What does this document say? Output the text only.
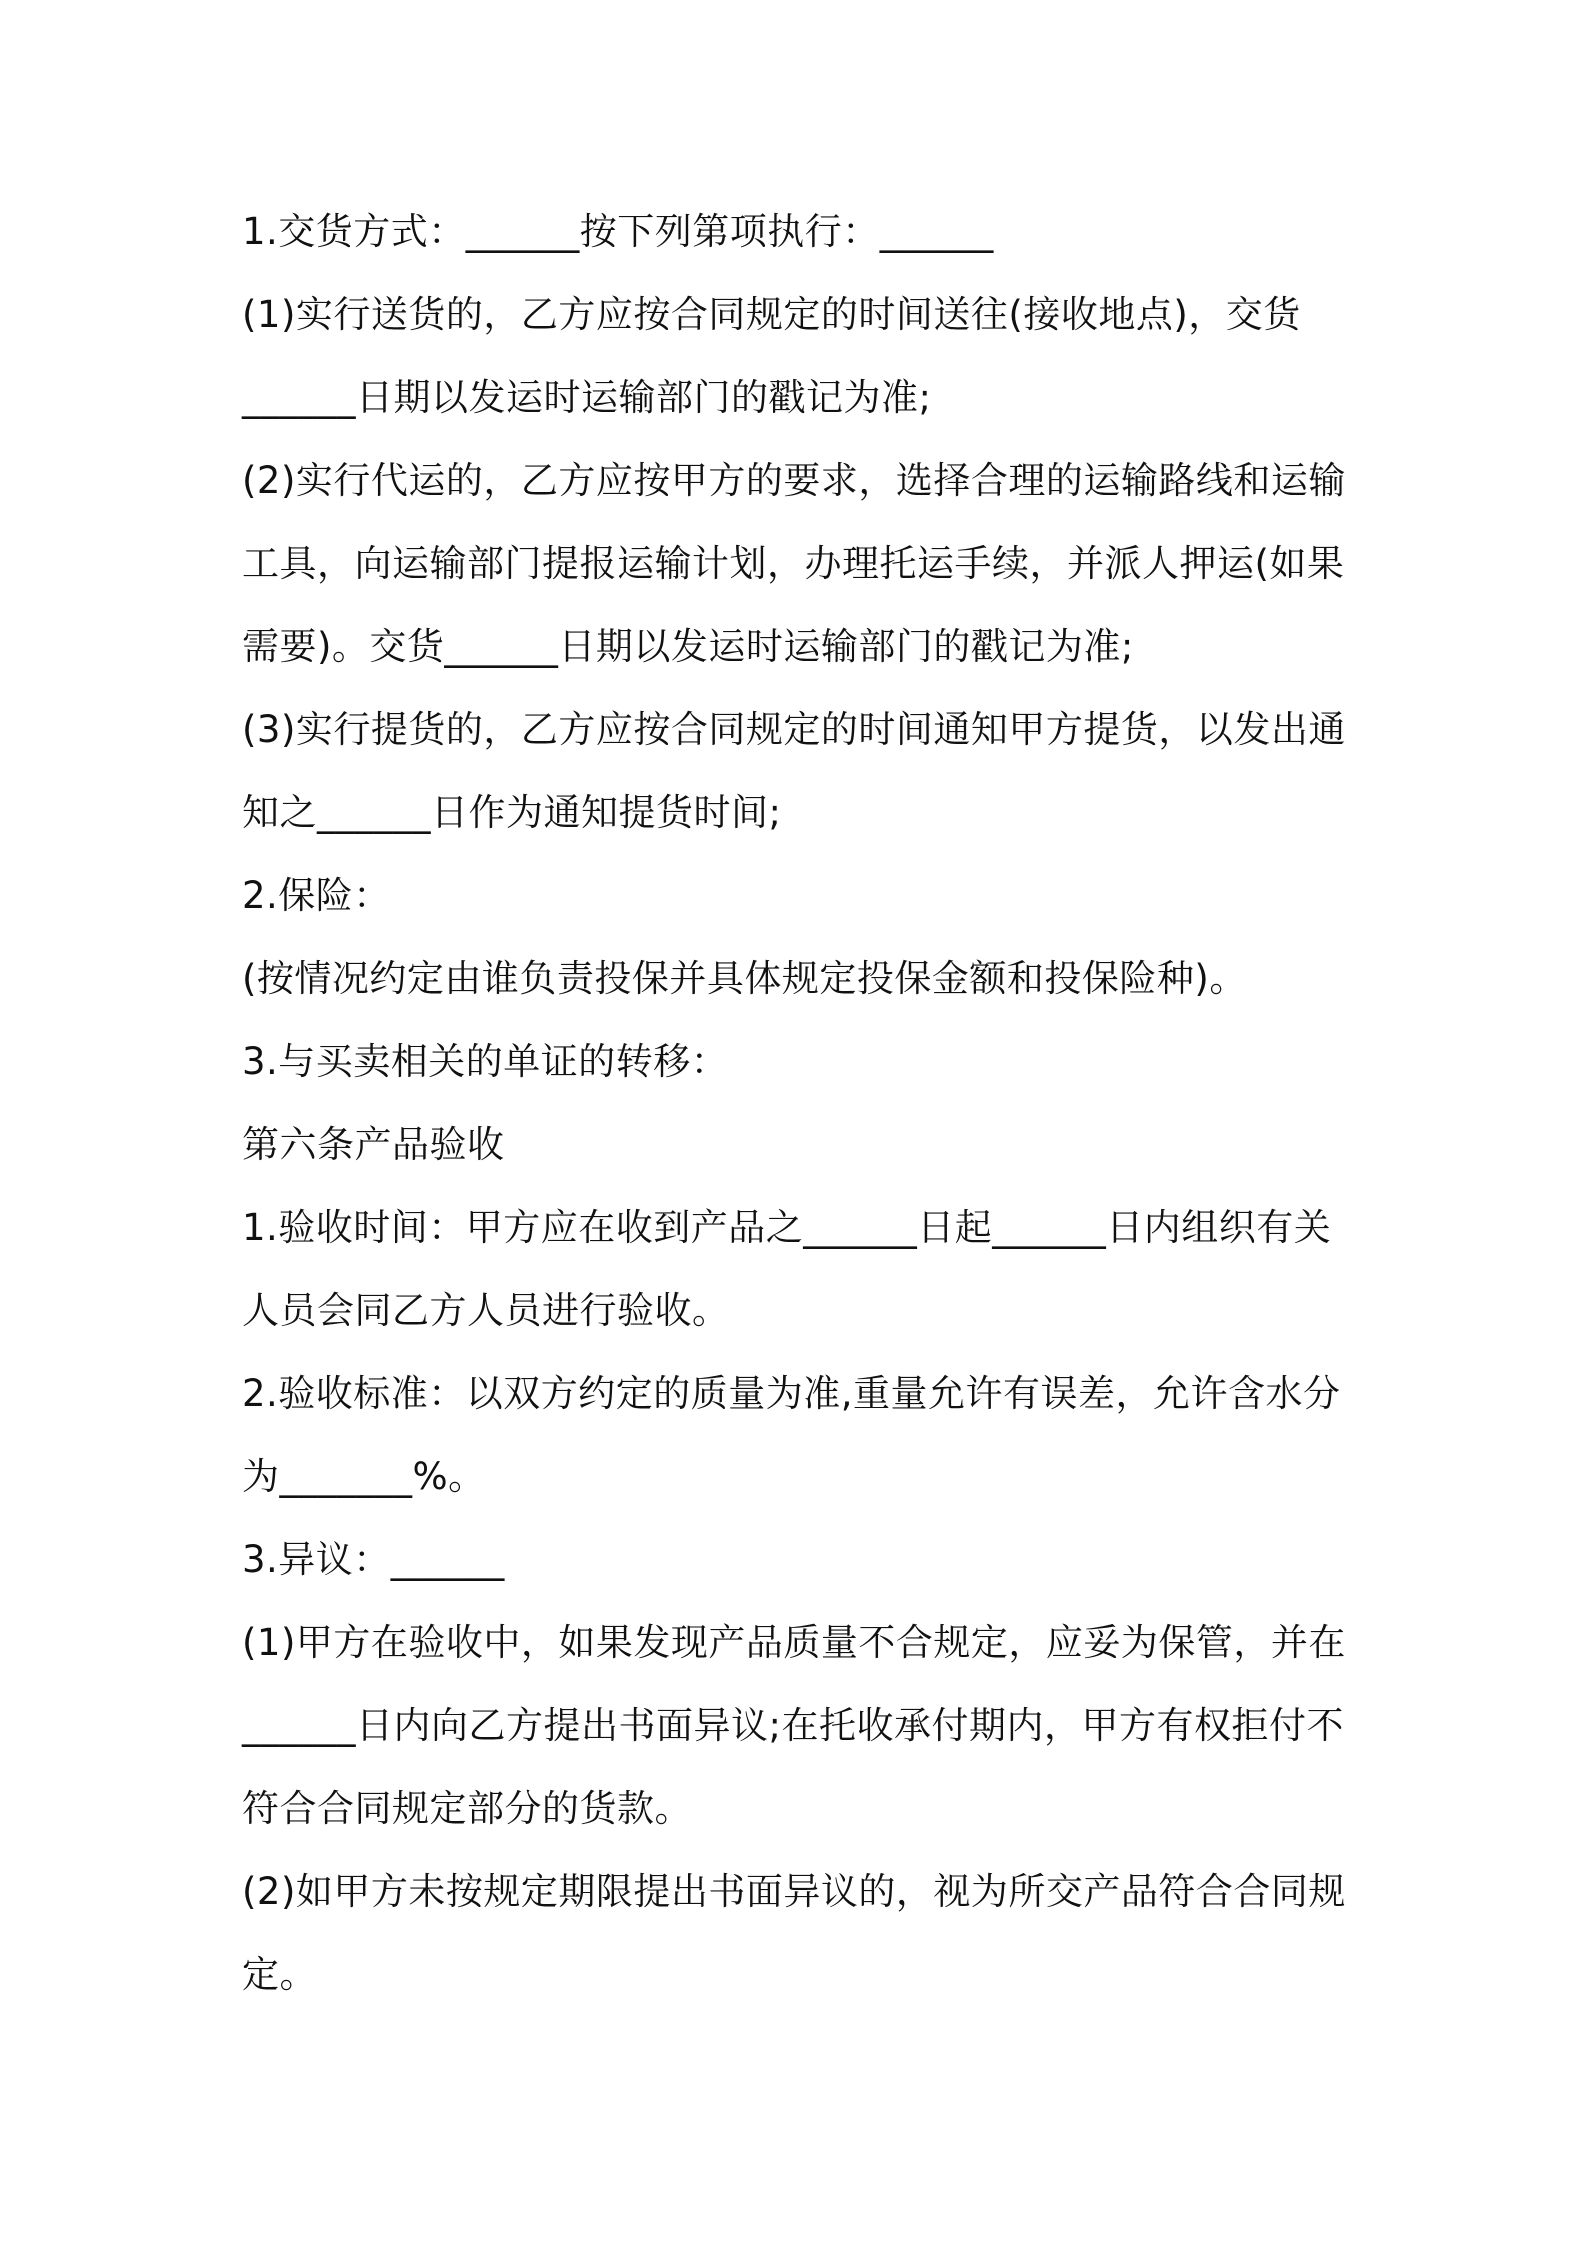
1.交货方式：______按下列第项执行：______

(1)实行送货的，乙方应按合同规定的时间送往(接收地点)，交货

______日期以发运时运输部门的戳记为准;

(2)实行代运的，乙方应按甲方的要求，选择合理的运输路线和运输

工具，向运输部门提报运输计划，办理托运手续，并派人押运(如果

需要)。交货______日期以发运时运输部门的戳记为准;

(3)实行提货的，乙方应按合同规定的时间通知甲方提货，以发出通

知之______日作为通知提货时间;

2.保险：

(按情况约定由谁负责投保并具体规定投保金额和投保险种)。

3.与买卖相关的单证的转移：

第六条产品验收

1.验收时间：甲方应在收到产品之______日起______日内组织有关

人员会同乙方人员进行验收。

2.验收标准：以双方约定的质量为准,重量允许有误差，允许含水分

为_______%。

3.异议：______

(1)甲方在验收中，如果发现产品质量不合规定，应妥为保管，并在

______日内向乙方提出书面异议;在托收承付期内，甲方有权拒付不

符合合同规定部分的货款。

(2)如甲方未按规定期限提出书面异议的，视为所交产品符合合同规

定。
